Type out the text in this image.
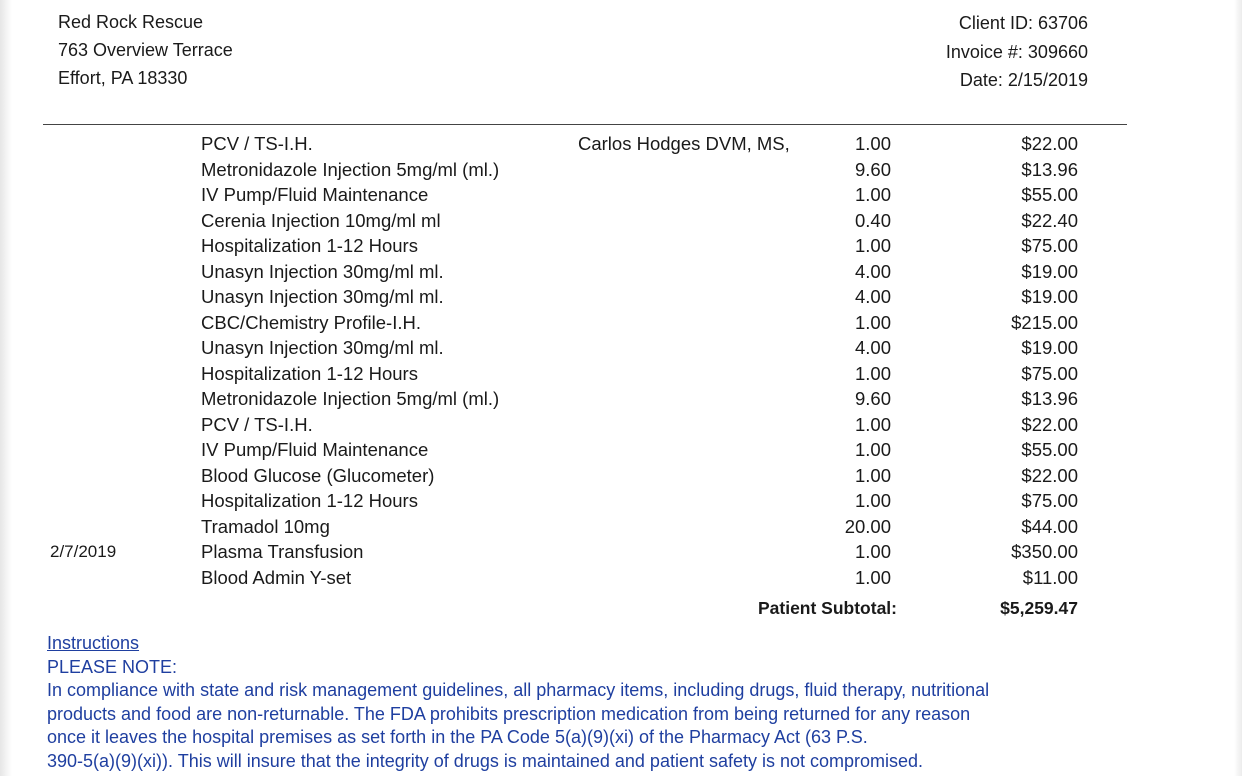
Red Rock Rescue
763 Overview Terrace
Effort, PA 18330
Client ID: 63706
Invoice #: 309660
Date: 2/15/2019
PCV / TS-I.H.	Carlos Hodges DVM, MS,	1.00	$22.00
Metronidazole Injection 5mg/ml (ml.)	9.60	$13.96
IV Pump/Fluid Maintenance	1.00	$55.00
Cerenia Injection 10mg/ml ml	0.40	$22.40
Hospitalization 1-12 Hours	1.00	$75.00
Unasyn Injection 30mg/ml ml.	4.00	$19.00
Unasyn Injection 30mg/ml ml.	4.00	$19.00
CBC/Chemistry Profile-I.H.	1.00	$215.00
Unasyn Injection 30mg/ml ml.	4.00	$19.00
Hospitalization 1-12 Hours	1.00	$75.00
Metronidazole Injection 5mg/ml (ml.)	9.60	$13.96
PCV / TS-I.H.	1.00	$22.00
IV Pump/Fluid Maintenance	1.00	$55.00
Blood Glucose (Glucometer)	1.00	$22.00
Hospitalization 1-12 Hours	1.00	$75.00
Tramadol 10mg	20.00	$44.00
2/7/2019	Plasma Transfusion	1.00	$350.00
Blood Admin Y-set	1.00	$11.00
Patient Subtotal:	$5,259.47

Instructions

PLEASE NOTE:

In compliance with state and risk management guidelines, all pharmacy items, including drugs, fluid therapy, nutritional

products and food are non-returnable. The FDA prohibits prescription medication from being returned for any reason

once it leaves the hospital premises as set forth in the PA Code 5(a)(9)(xi) of the Pharmacy Act (63 P.S.

390-5(a)(9)(xi)). This will insure that the integrity of drugs is maintained and patient safety is not compromised.
